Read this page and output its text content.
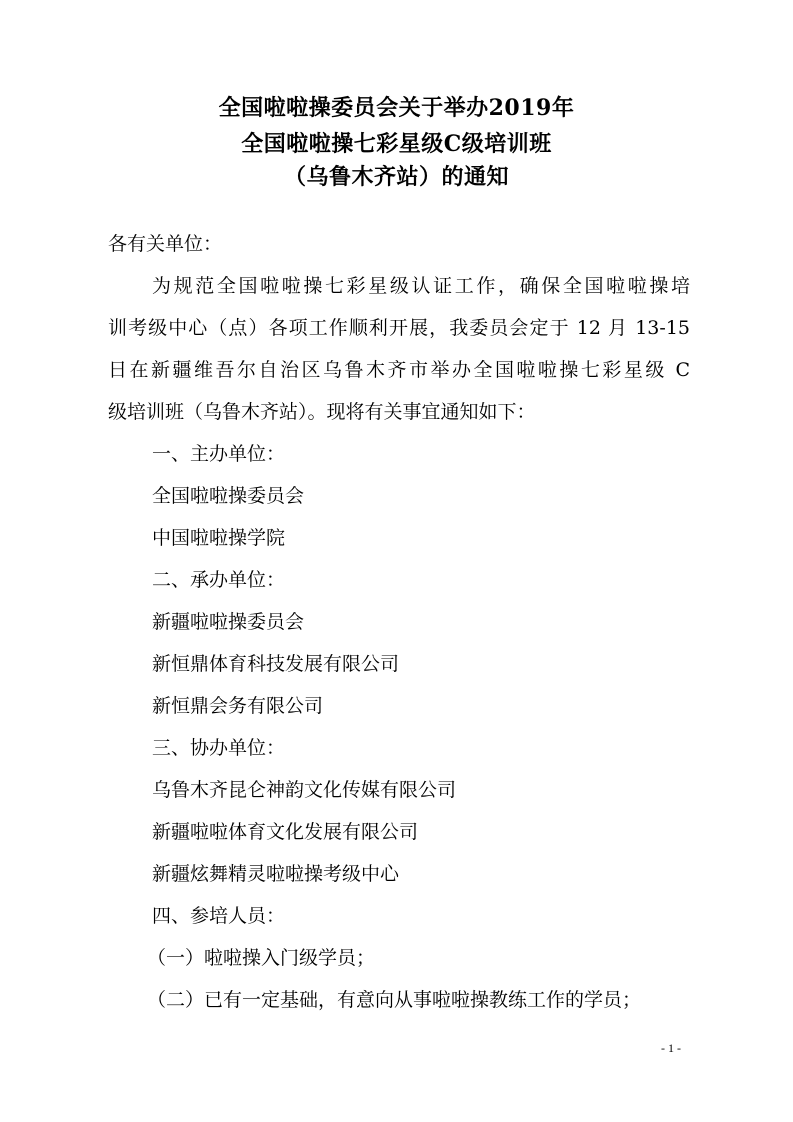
全国啦啦操委员会关于举办2019年
全国啦啦操七彩星级C级培训班
（乌鲁木齐站）的通知
各有关单位：
为规范全国啦啦操七彩星级认证工作，确保全国啦啦操培
训考级中心（点）各项工作顺利开展，我委员会定于 12 月 13-15
日在新疆维吾尔自治区乌鲁木齐市举办全国啦啦操七彩星级 C
级培训班（乌鲁木齐站）。现将有关事宜通知如下：
一、主办单位：
全国啦啦操委员会
中国啦啦操学院
二、承办单位：
新疆啦啦操委员会
新恒鼎体育科技发展有限公司
新恒鼎会务有限公司
三、协办单位：
乌鲁木齐昆仑神韵文化传媒有限公司
新疆啦啦体育文化发展有限公司
新疆炫舞精灵啦啦操考级中心
四、参培人员：
（一）啦啦操入门级学员；
（二）已有一定基础，有意向从事啦啦操教练工作的学员；
- 1 -
